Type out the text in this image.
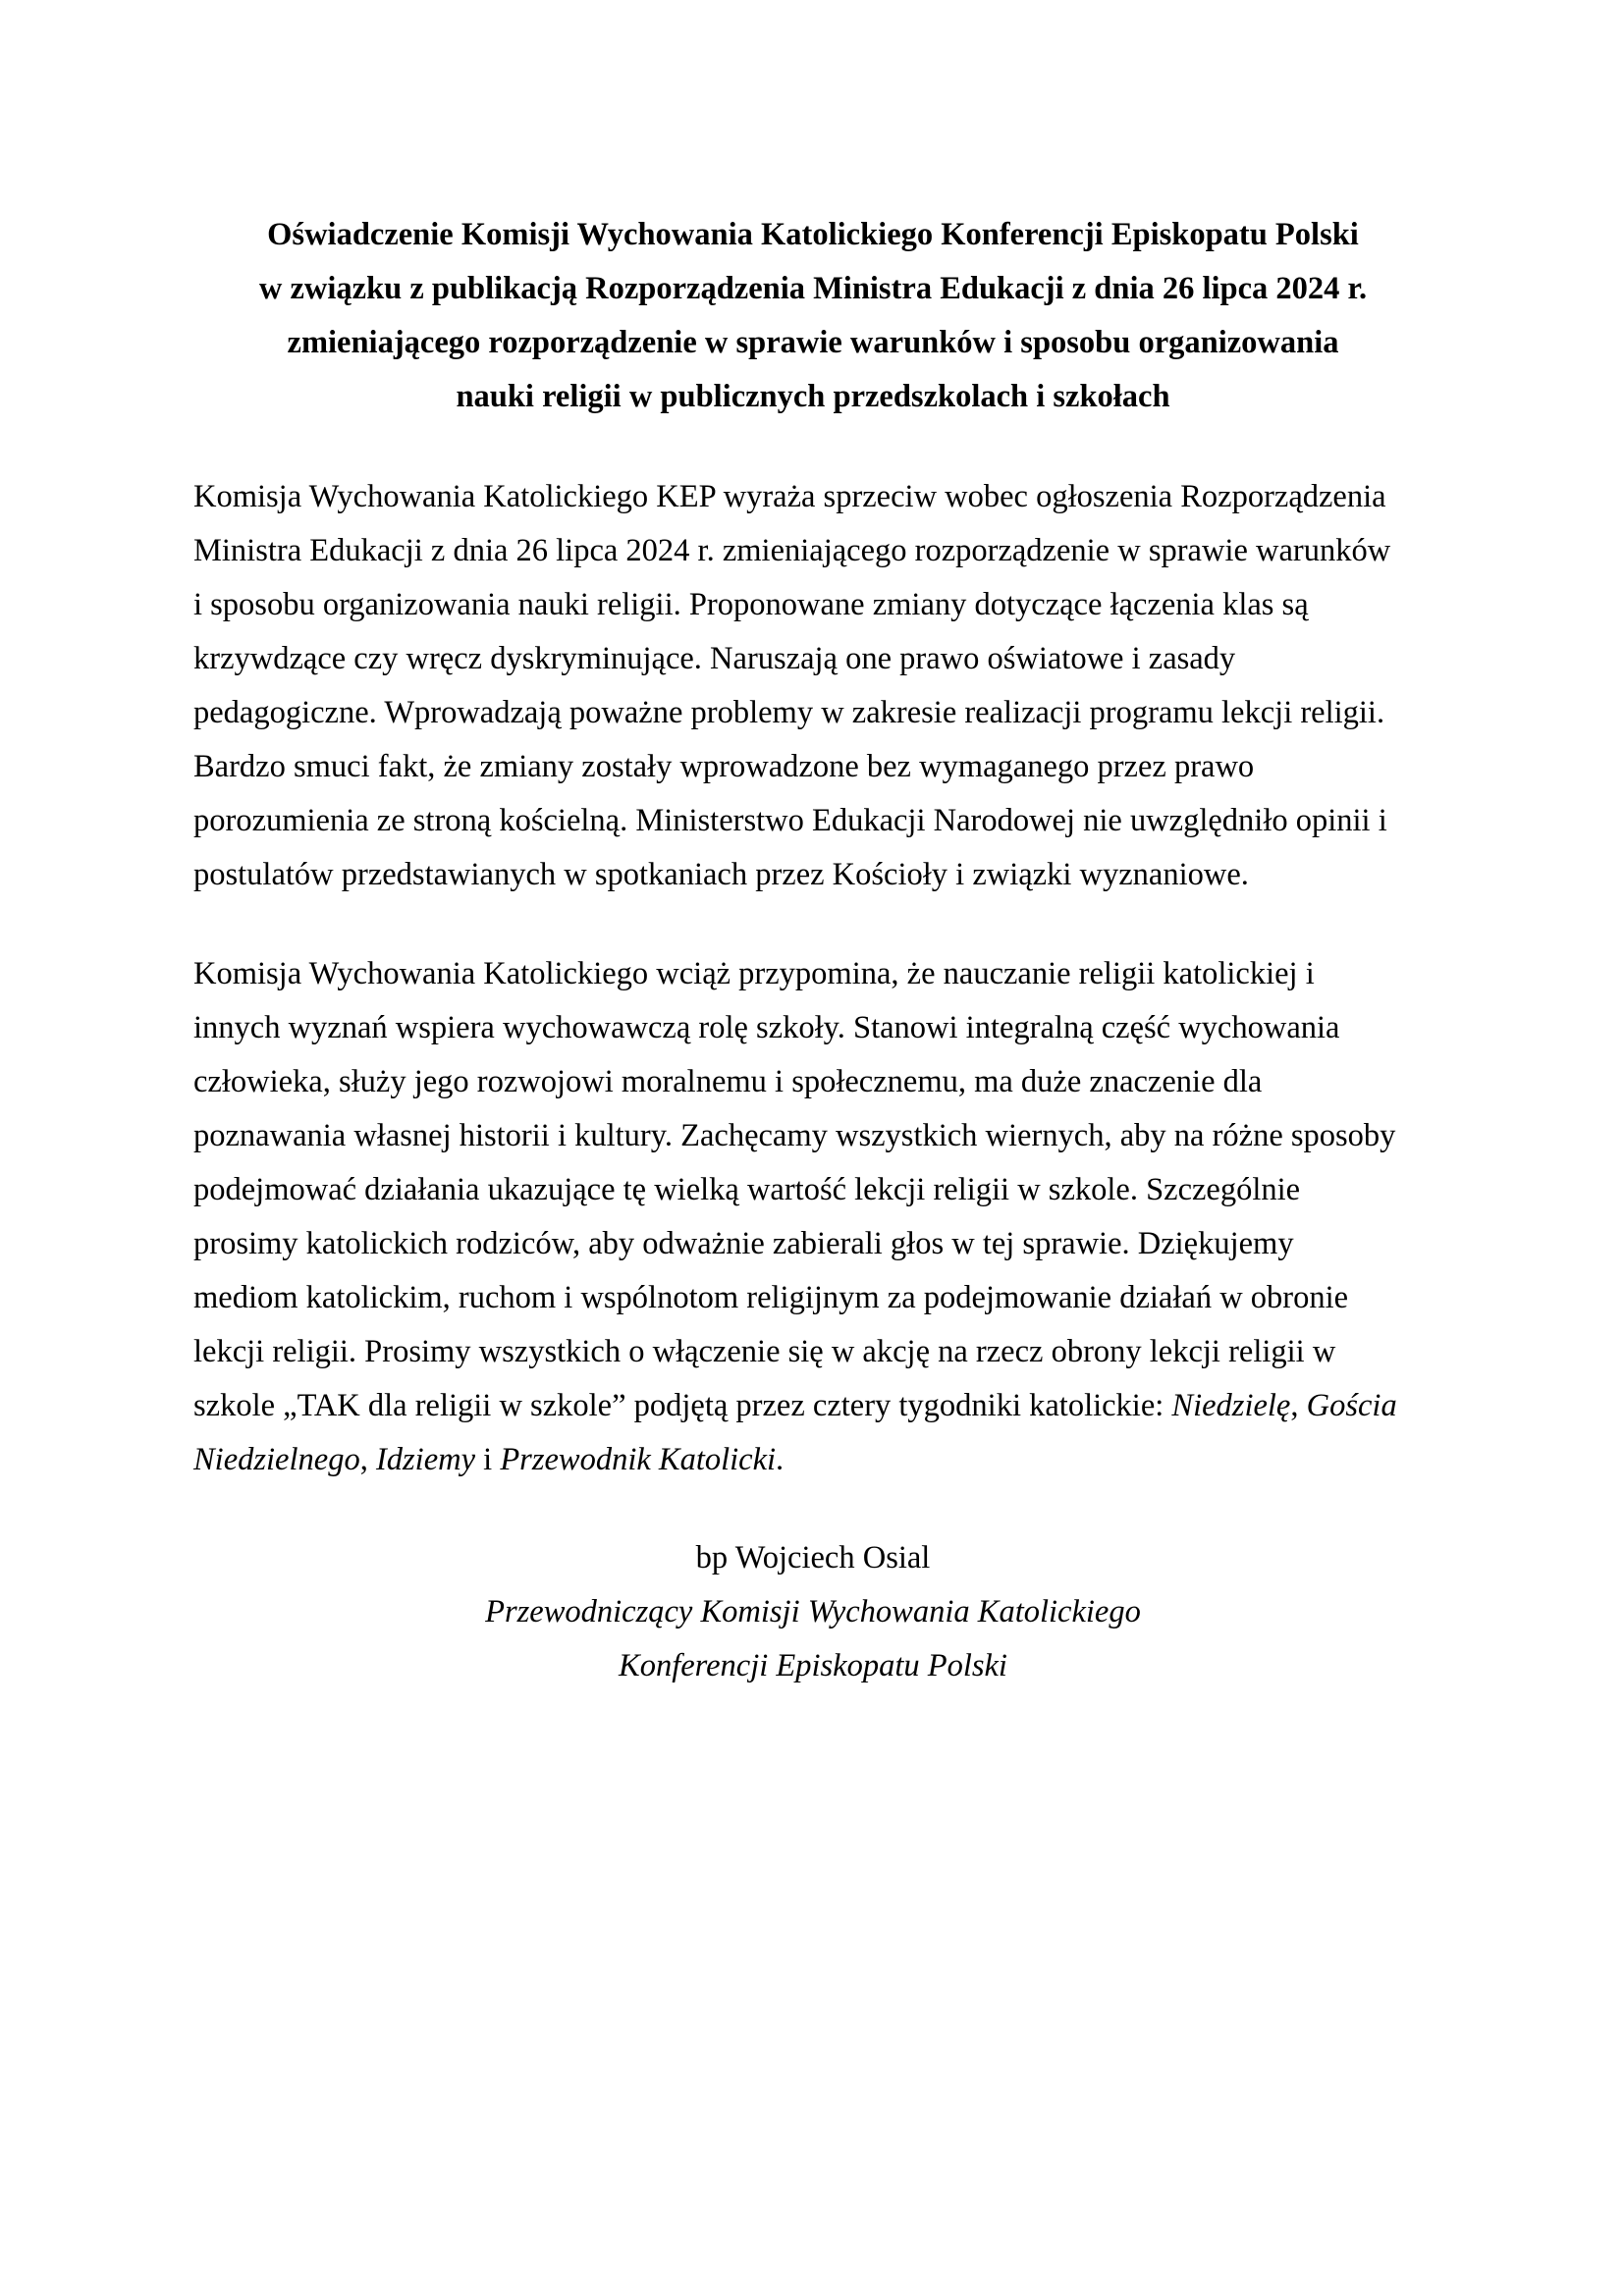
Oświadczenie Komisji Wychowania Katolickiego Konferencji Episkopatu Polski
w związku z publikacją Rozporządzenia Ministra Edukacji z dnia 26 lipca 2024 r.
zmieniającego rozporządzenie w sprawie warunków i sposobu organizowania
nauki religii w publicznych przedszkolach i szkołach
Komisja Wychowania Katolickiego KEP wyraża sprzeciw wobec ogłoszenia Rozporządzenia
Ministra Edukacji z dnia 26 lipca 2024 r. zmieniającego rozporządzenie w sprawie warunków
i sposobu organizowania nauki religii. Proponowane zmiany dotyczące łączenia klas są
krzywdzące czy wręcz dyskryminujące. Naruszają one prawo oświatowe i zasady
pedagogiczne. Wprowadzają poważne problemy w zakresie realizacji programu lekcji religii.
Bardzo smuci fakt, że zmiany zostały wprowadzone bez wymaganego przez prawo
porozumienia ze stroną kościelną. Ministerstwo Edukacji Narodowej nie uwzględniło opinii i
postulatów przedstawianych w spotkaniach przez Kościoły i związki wyznaniowe.
Komisja Wychowania Katolickiego wciąż przypomina, że nauczanie religii katolickiej i
innych wyznań wspiera wychowawczą rolę szkoły. Stanowi integralną część wychowania
człowieka, służy jego rozwojowi moralnemu i społecznemu, ma duże znaczenie dla
poznawania własnej historii i kultury. Zachęcamy wszystkich wiernych, aby na różne sposoby
podejmować działania ukazujące tę wielką wartość lekcji religii w szkole. Szczególnie
prosimy katolickich rodziców, aby odważnie zabierali głos w tej sprawie. Dziękujemy
mediom katolickim, ruchom i wspólnotom religijnym za podejmowanie działań w obronie
lekcji religii. Prosimy wszystkich o włączenie się w akcję na rzecz obrony lekcji religii w
szkole „TAK dla religii w szkole” podjętą przez cztery tygodniki katolickie: Niedzielę, Gościa
Niedzielnego, Idziemy i Przewodnik Katolicki.
bp Wojciech Osial
Przewodniczący Komisji Wychowania Katolickiego
Konferencji Episkopatu Polski
